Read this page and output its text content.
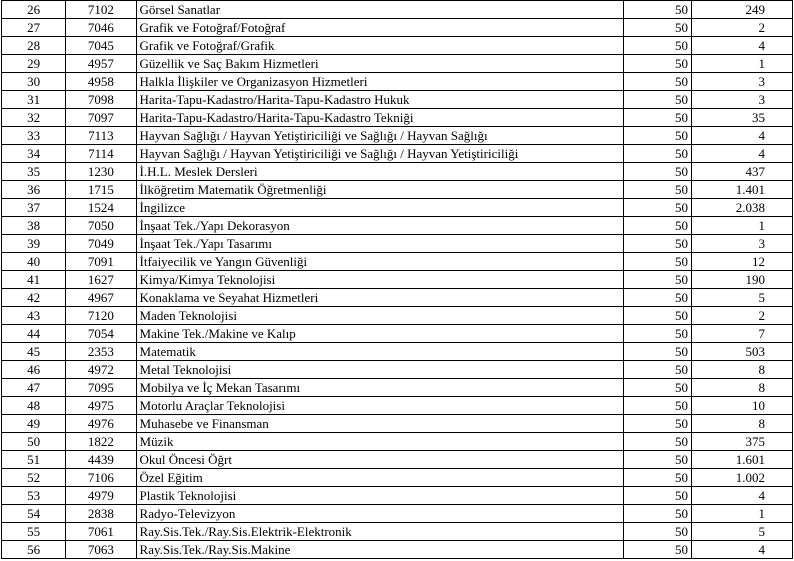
26	7102	Görsel Sanatlar	50	249
27	7046	Grafik ve Fotoğraf/Fotoğraf	50	2
28	7045	Grafik ve Fotoğraf/Grafik	50	4
29	4957	Güzellik ve Saç Bakım Hizmetleri	50	1
30	4958	Halkla İlişkiler ve Organizasyon Hizmetleri	50	3
31	7098	Harita-Tapu-Kadastro/Harita-Tapu-Kadastro Hukuk	50	3
32	7097	Harita-Tapu-Kadastro/Harita-Tapu-Kadastro Tekniği	50	35
33	7113	Hayvan Sağlığı / Hayvan Yetiştiriciliği ve Sağlığı / Hayvan Sağlığı	50	4
34	7114	Hayvan Sağlığı / Hayvan Yetiştiriciliği ve Sağlığı / Hayvan Yetiştiriciliği	50	4
35	1230	İ.H.L. Meslek Dersleri	50	437
36	1715	İlköğretim Matematik Öğretmenliği	50	1.401
37	1524	İngilizce	50	2.038
38	7050	İnşaat Tek./Yapı Dekorasyon	50	1
39	7049	İnşaat Tek./Yapı Tasarımı	50	3
40	7091	İtfaiyecilik ve Yangın Güvenliği	50	12
41	1627	Kimya/Kimya Teknolojisi	50	190
42	4967	Konaklama ve Seyahat Hizmetleri	50	5
43	7120	Maden Teknolojisi	50	2
44	7054	Makine Tek./Makine ve Kalıp	50	7
45	2353	Matematik	50	503
46	4972	Metal Teknolojisi	50	8
47	7095	Mobilya ve İç Mekan Tasarımı	50	8
48	4975	Motorlu Araçlar Teknolojisi	50	10
49	4976	Muhasebe ve Finansman	50	8
50	1822	Müzik	50	375
51	4439	Okul Öncesi Öğrt	50	1.601
52	7106	Özel Eğitim	50	1.002
53	4979	Plastik Teknolojisi	50	4
54	2838	Radyo-Televizyon	50	1
55	7061	Ray.Sis.Tek./Ray.Sis.Elektrik-Elektronik	50	5
56	7063	Ray.Sis.Tek./Ray.Sis.Makine	50	4
